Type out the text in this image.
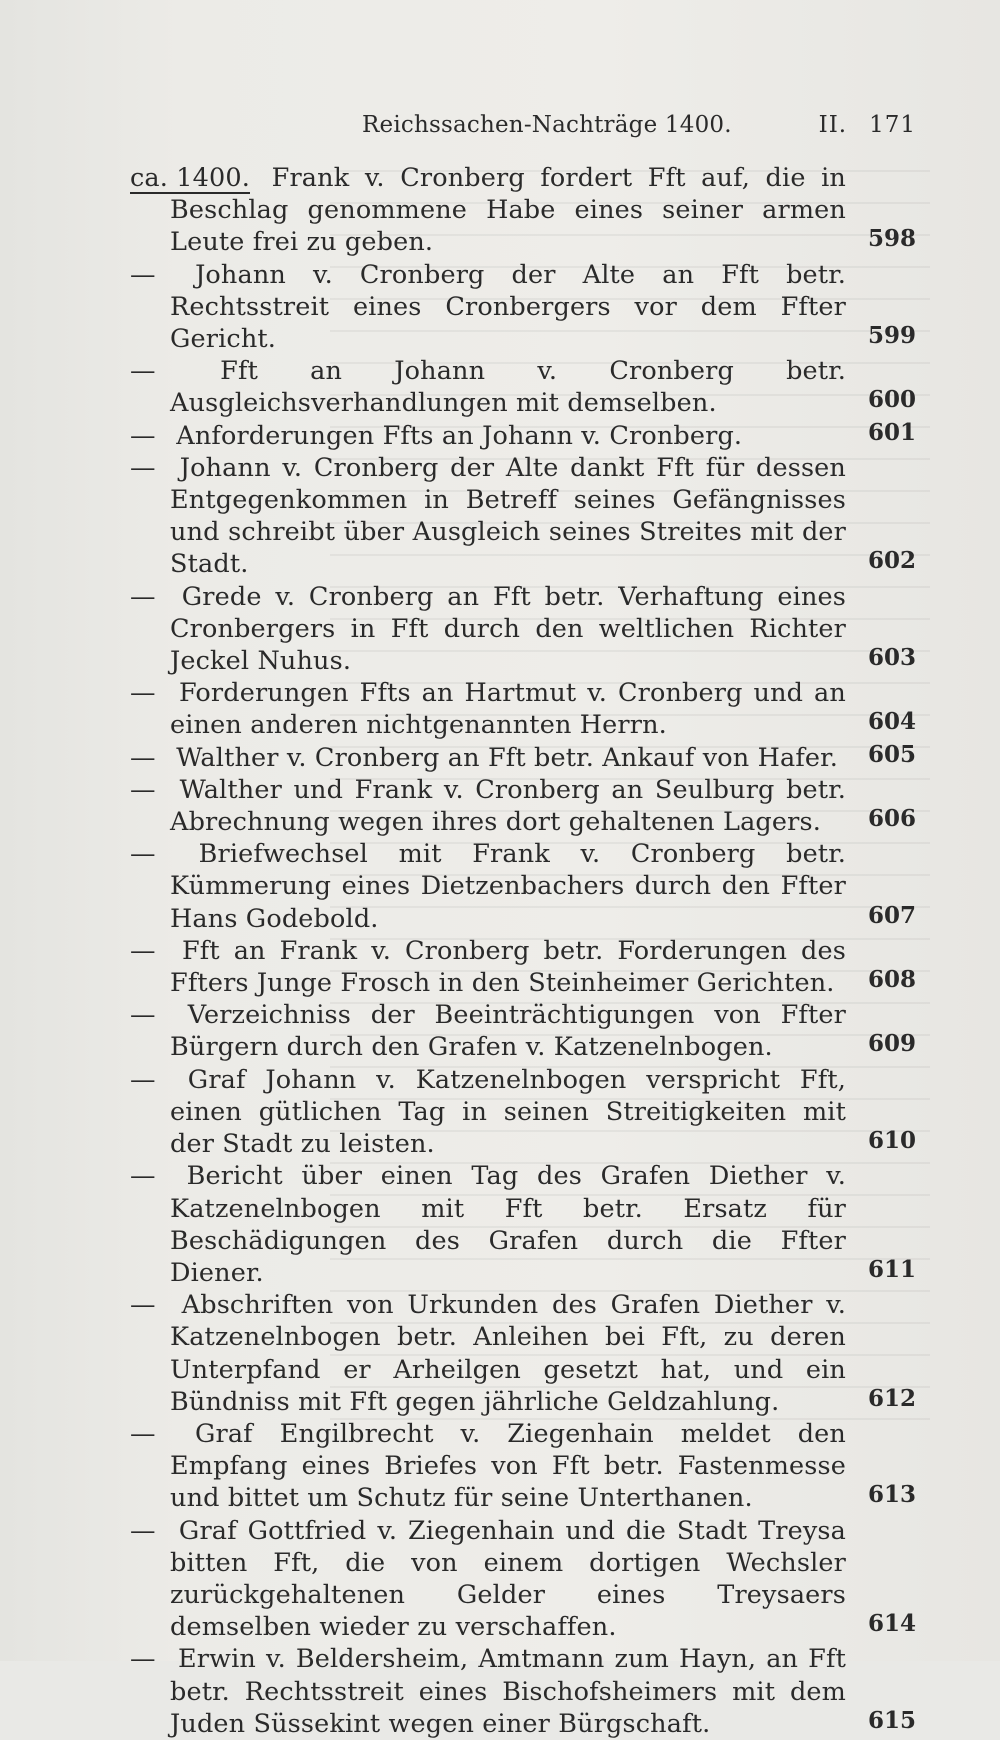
Reichssachen-Nachträge 1400.	II. 171
ca. 1400. Frank v. Cronberg fordert Fft auf, die in Beschlag genommene Habe eines seiner armen Leute frei zu geben.	598
— Johann v. Cronberg der Alte an Fft betr. Rechtsstreit eines Cronbergers vor dem Ffter Gericht.	599
—	Fft an Johann v. Cronberg betr. Ausgleichsverhandlungen mit demselben.	600
— Anforderungen Ffts an Johann v. Cronberg.	601
— Johann v. Cronberg der Alte dankt Fft für dessen Entgegenkommen in Betreff seines Gefängnisses und schreibt über Ausgleich seines Streites mit der Stadt.	602
— Grede v. Cronberg an Fft betr. Verhaftung eines Cronbergers in Fft durch den weltlichen Richter Jeckel Nuhus.	603
— Forderungen Ffts an Hartmut v. Cronberg und an einen anderen nichtgenannten Herrn.	604
— Walther v. Cronberg an Fft betr. Ankauf von Hafer. 605
— Walther und Frank v. Cronberg an Seulburg betr. Abrechnung wegen ihres dort gehaltenen Lagers. 606
— Briefwechsel mit Frank v. Cronberg betr. Kümmerung eines Dietzenbachers durch den Ffter Hans Godebold.	607
— Fft an Frank v. Cronberg betr. Forderungen des Ffters Junge Frosch in den Steinheimer Gerichten. 608
— Verzeichniss der Beeinträchtigungen von Ffter Bürgern durch den Grafen v. Katzenelnbogen.	609
— Graf Johann v. Katzenelnbogen verspricht Fft, einen gütlichen Tag in seinen Streitigkeiten mit der Stadt zu leisten.	610
— Bericht über einen Tag des Grafen Diether v. Katzenelnbogen mit Fft betr. Ersatz für Beschädigungen des Grafen durch die Ffter Diener.	611
— Abschriften von Urkunden des Grafen Diether v. Katzenelnbogen betr. Anleihen bei Fft, zu deren Unterpfand er Arheilgen gesetzt hat, und ein Bündniss mit Fft gegen jährliche Geldzahlung.	612
— Graf Engilbrecht v. Ziegenhain meldet den Empfang eines Briefes von Fft betr. Fastenmesse und bittet um Schutz für seine Unterthanen.	613
— Graf Gottfried v. Ziegenhain und die Stadt Treysa bitten Fft, die von einem dortigen Wechsler zurückgehaltenen Gelder eines Treysaers demselben wieder zu verschaffen.	614
— Erwin v. Beldersheim, Amtmann zum Hayn, an Fft betr. Rechtsstreit eines Bischofsheimers mit dem Juden Süssekint wegen einer Bürgschaft.	615
